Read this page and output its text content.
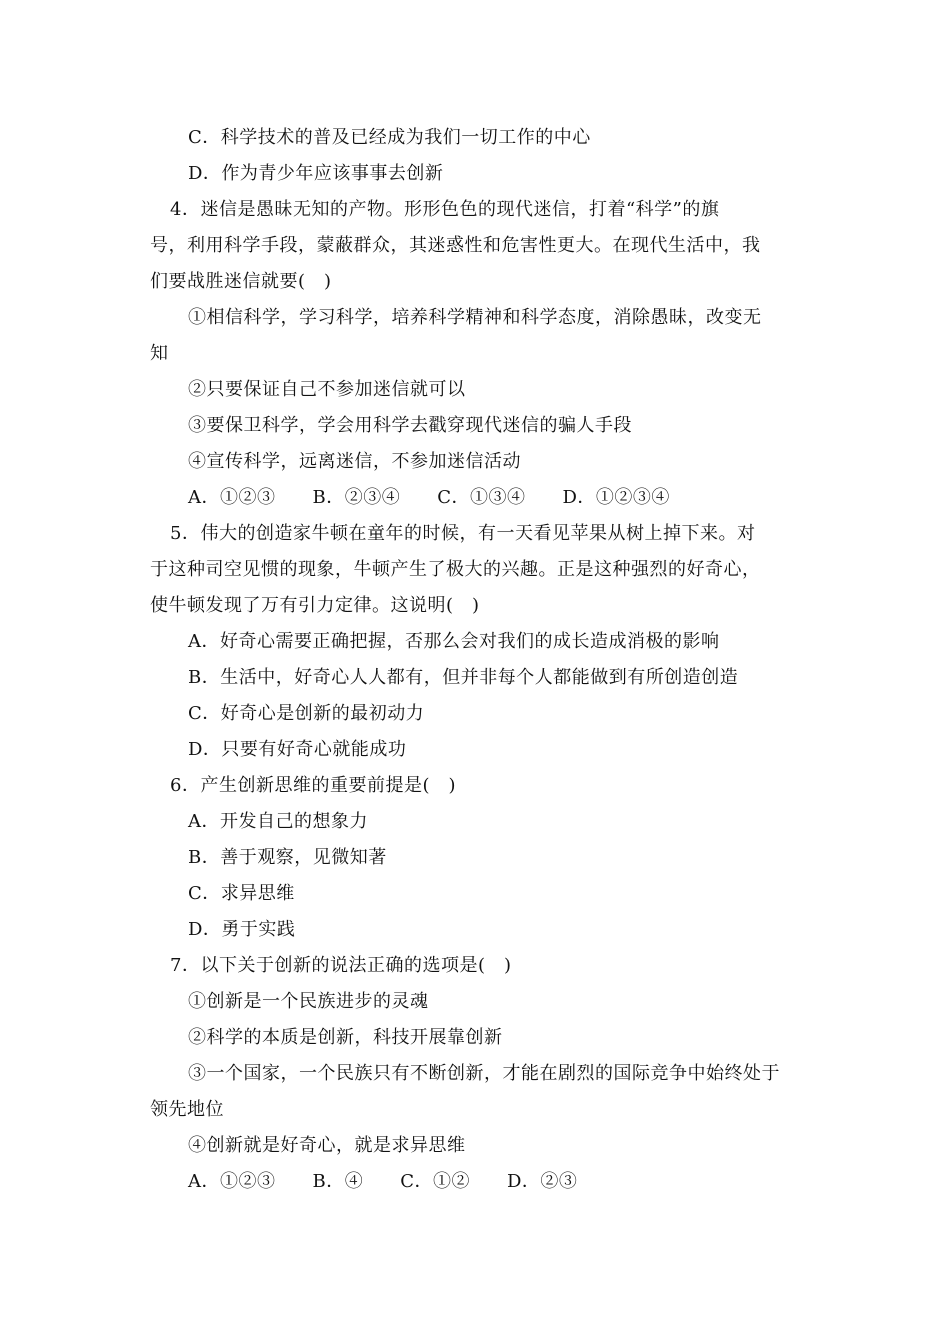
C．科学技术的普及已经成为我们一切工作的中心
D．作为青少年应该事事去创新
4．迷信是愚昧无知的产物。形形色色的现代迷信，打着“科学”的旗
号，利用科学手段，蒙蔽群众，其迷惑性和危害性更大。在现代生活中，我
们要战胜迷信就要(　)
①相信科学，学习科学，培养科学精神和科学态度，消除愚昧，改变无
知
②只要保证自己不参加迷信就可以
③要保卫科学，学会用科学去戳穿现代迷信的骗人手段
④宣传科学，远离迷信，不参加迷信活动
A．①②③　　B．②③④　　C．①③④　　D．①②③④
5．伟大的创造家牛顿在童年的时候，有一天看见苹果从树上掉下来。对
于这种司空见惯的现象，牛顿产生了极大的兴趣。正是这种强烈的好奇心，
使牛顿发现了万有引力定律。这说明(　)
A．好奇心需要正确把握，否那么会对我们的成长造成消极的影响
B．生活中，好奇心人人都有，但并非每个人都能做到有所创造创造
C．好奇心是创新的最初动力
D．只要有好奇心就能成功
6．产生创新思维的重要前提是(　)
A．开发自己的想象力
B．善于观察，见微知著
C．求异思维
D．勇于实践
7．以下关于创新的说法正确的选项是(　)
①创新是一个民族进步的灵魂
②科学的本质是创新，科技开展靠创新
③一个国家，一个民族只有不断创新，才能在剧烈的国际竞争中始终处于
领先地位
④创新就是好奇心，就是求异思维
A．①②③　　B．④　　C．①②　　D．②③
